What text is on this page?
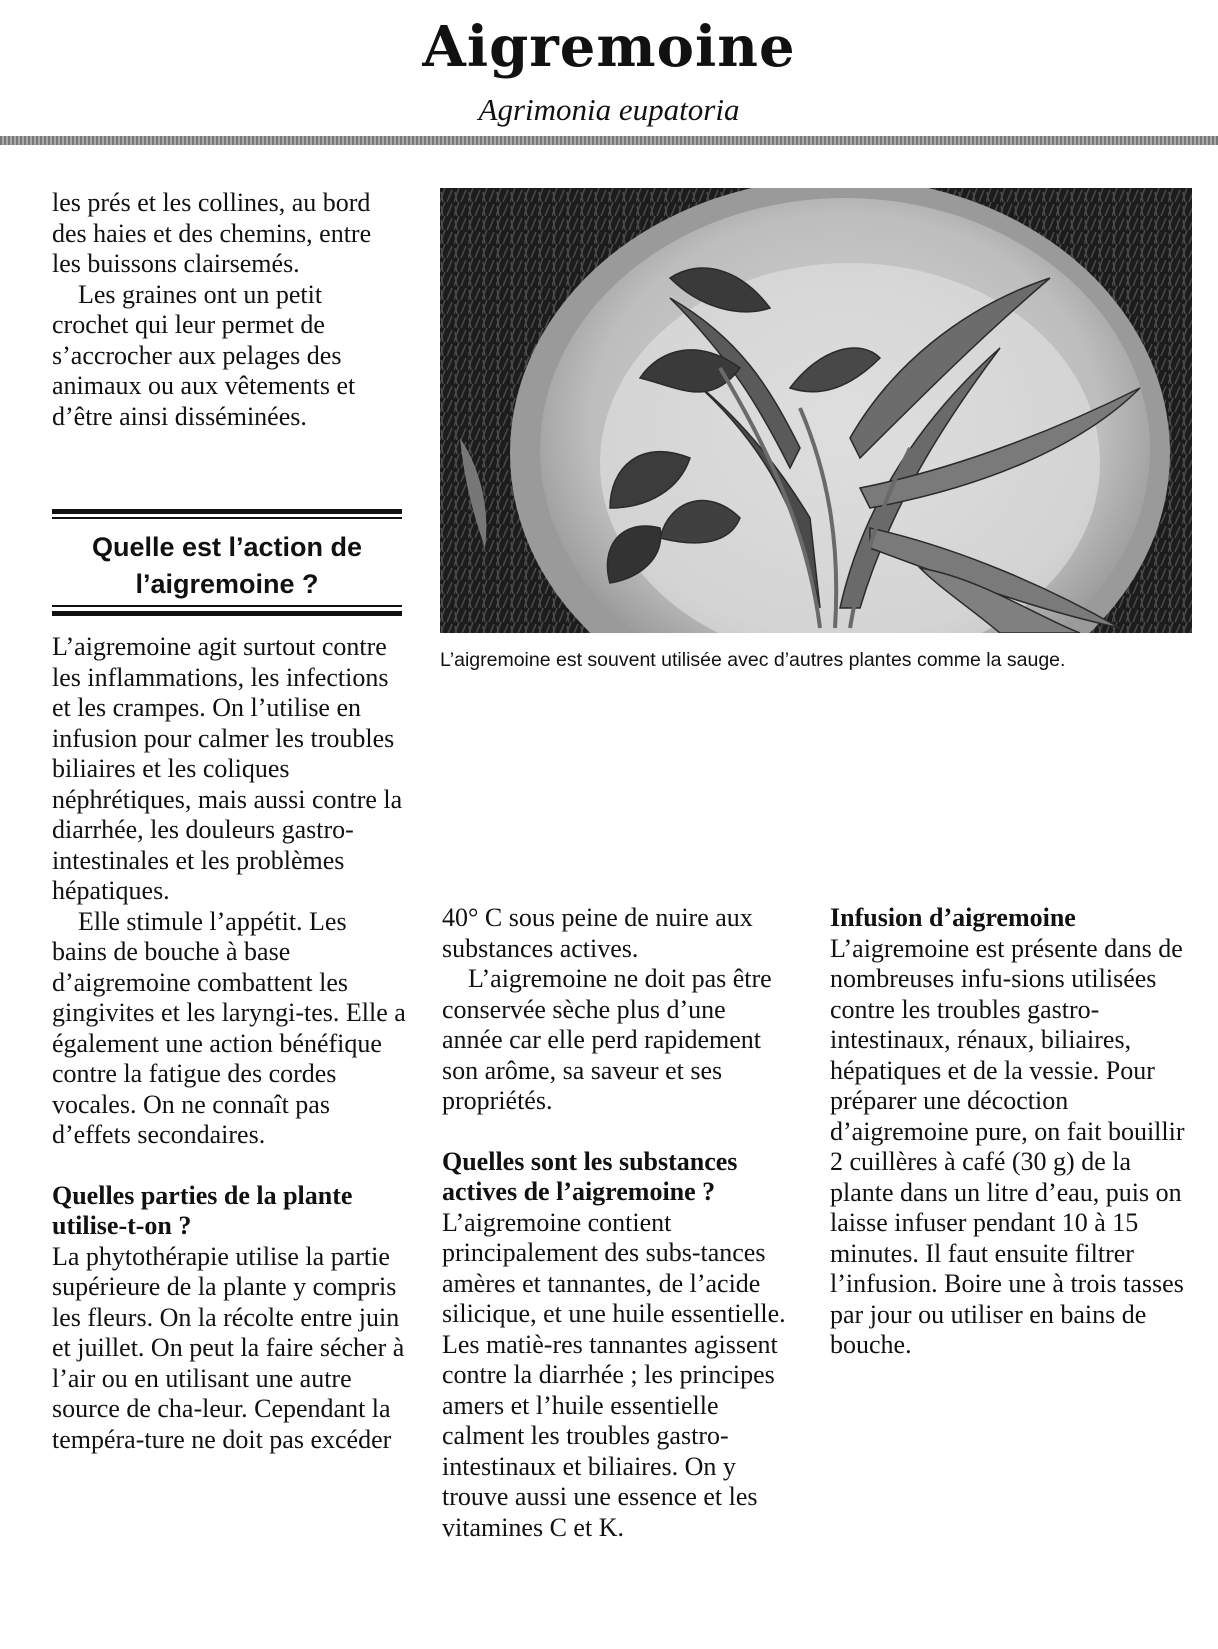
Aigremoine
Agrimonia eupatoria

les prés et les collines, au bord des haies et des chemins, entre les buissons clairsemés.

Les graines ont un petit crochet qui leur permet de s’accrocher aux pelages des animaux ou aux vêtements et d’être ainsi disséminées.

Quelle est l’action de
l’aigremoine ?

L’aigremoine agit surtout contre les inflammations, les infections et les crampes. On l’utilise en infusion pour calmer les troubles biliaires et les coliques néphrétiques, mais aussi contre la diarrhée, les douleurs gastro-intestinales et les problèmes hépatiques.

Elle stimule l’appétit. Les bains de bouche à base d’aigremoine combattent les gingivites et les laryngi-tes. Elle a également une action bénéfique contre la fatigue des cordes vocales. On ne connaît pas d’effets secondaires.

Quelles parties de la plante utilise-t-on ?

La phytothérapie utilise la partie supérieure de la plante y compris les fleurs. On la récolte entre juin et juillet. On peut la faire sécher à l’air ou en utilisant une autre source de cha-leur. Cependant la tempéra-ture ne doit pas excéder

L’aigremoine est souvent utilisée avec d’autres plantes comme la sauge.

40° C sous peine de nuire aux substances actives.

L’aigremoine ne doit pas être conservée sèche plus d’une année car elle perd rapidement son arôme, sa saveur et ses propriétés.

Quelles sont les substances actives de l’aigremoine ?

L’aigremoine contient principalement des subs-tances amères et tannantes, de l’acide silicique, et une huile essentielle. Les matiè-res tannantes agissent contre la diarrhée ; les principes amers et l’huile essentielle calment les troubles gastro-intestinaux et biliaires. On y trouve aussi une essence et les vitamines C et K.

Infusion d’aigremoine

L’aigremoine est présente dans de nombreuses infu-sions utilisées contre les troubles gastro-intestinaux, rénaux, biliaires, hépatiques et de la vessie. Pour préparer une décoction d’aigremoine pure, on fait bouillir 2 cuillères à café (30 g) de la plante dans un litre d’eau, puis on laisse infuser pendant 10 à 15 minutes. Il faut ensuite filtrer l’infusion. Boire une à trois tasses par jour ou utiliser en bains de bouche.
